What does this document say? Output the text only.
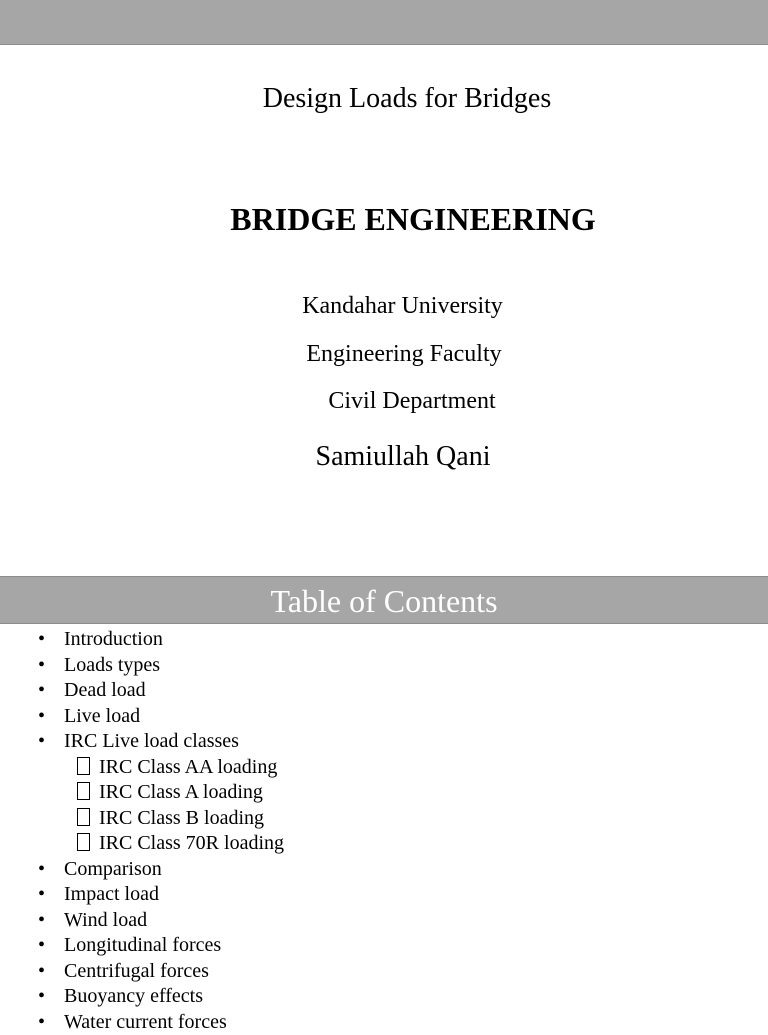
Design Loads for Bridges
BRIDGE ENGINEERING
Kandahar University
Engineering Faculty
Civil Department
Samiullah Qani
Table of Contents
• Introduction
• Loads types
• Dead load
• Live load
• IRC Live load classes
IRC Class AA loading
IRC Class A loading
IRC Class B loading
IRC Class 70R loading
• Comparison
• Impact load
• Wind load
• Longitudinal forces
• Centrifugal forces
• Buoyancy effects
• Water current forces
